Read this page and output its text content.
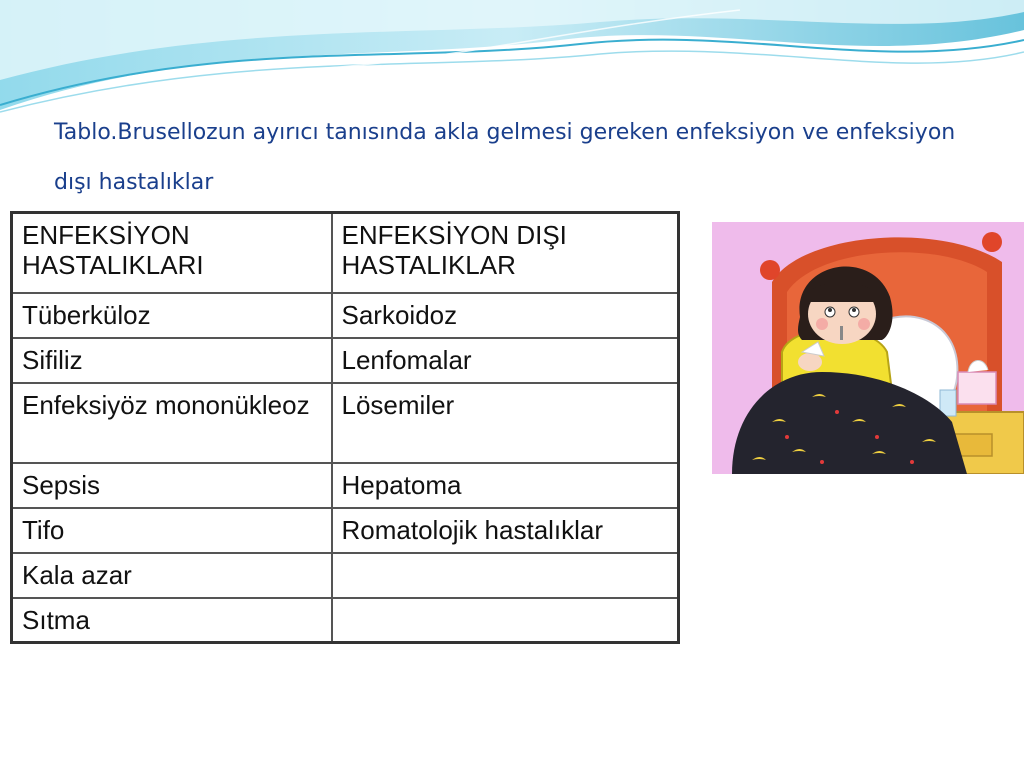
Tablo.Brusellozun ayırıcı tanısında akla gelmesi gereken enfeksiyon ve enfeksiyon dışı hastalıklar

ENFEKSİYON HASTALIKLARI	ENFEKSİYON DIŞI HASTALIKLAR
Tüberküloz	Sarkoidoz
Sifiliz	Lenfomalar
Enfeksiyöz mononükleoz	Lösemiler
Sepsis	Hepatoma
Tifo	Romatolojik hastalıklar
Kala azar	
Sıtma	
